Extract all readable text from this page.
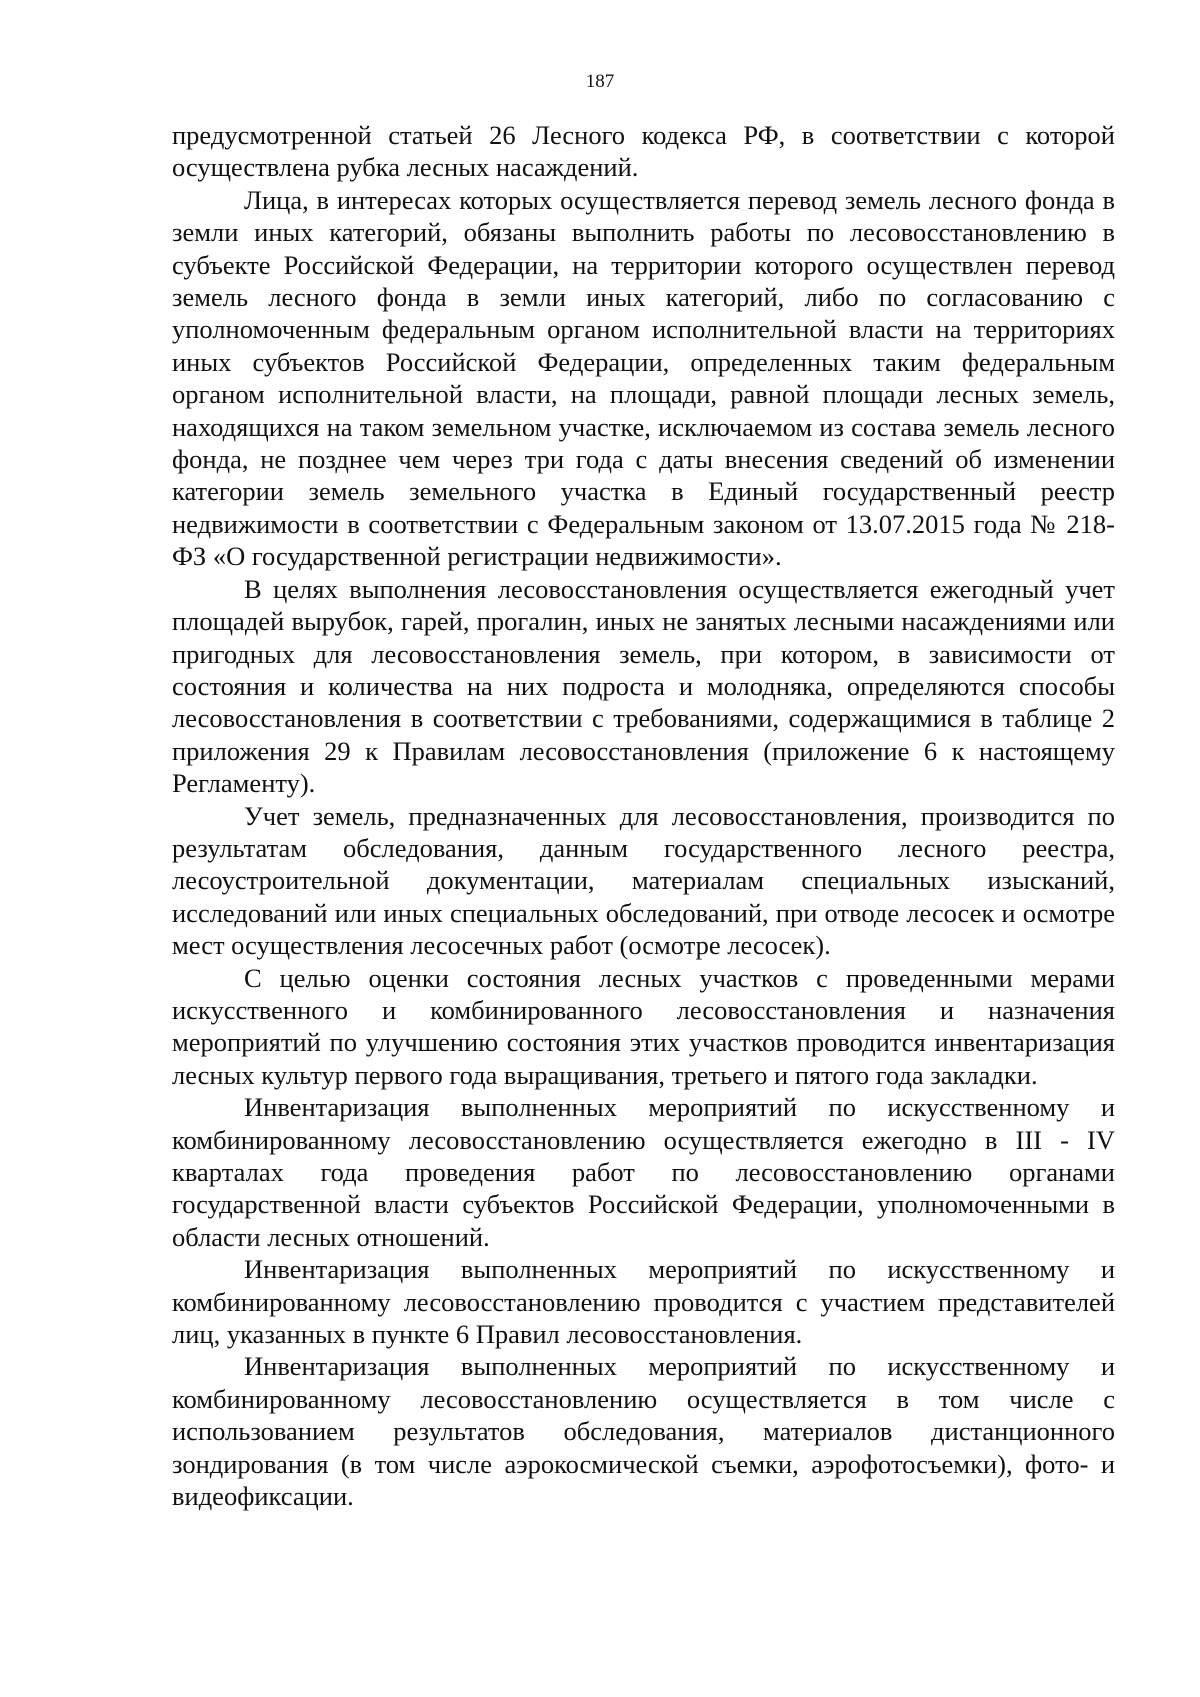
187

предусмотренной статьей 26 Лесного кодекса РФ, в соответствии с которой осуществлена рубка лесных насаждений.

Лица, в интересах которых осуществляется перевод земель лесного фонда в земли иных категорий, обязаны выполнить работы по лесовосстановлению в субъекте Российской Федерации, на территории которого осуществлен перевод земель лесного фонда в земли иных категорий, либо по согласованию с уполномоченным федеральным органом исполнительной власти на территориях иных субъектов Российской Федерации, определенных таким федеральным органом исполнительной власти, на площади, равной площади лесных земель, находящихся на таком земельном участке, исключаемом из состава земель лесного фонда, не позднее чем через три года с даты внесения сведений об изменении категории земель земельного участка в Единый государственный реестр недвижимости в соответствии с Федеральным законом от 13.07.2015 года № 218-ФЗ «О государственной регистрации недвижимости».

В целях выполнения лесовосстановления осуществляется ежегодный учет площадей вырубок, гарей, прогалин, иных не занятых лесными насаждениями или пригодных для лесовосстановления земель, при котором, в зависимости от состояния и количества на них подроста и молодняка, определяются способы лесовосстановления в соответствии с требованиями, содержащимися в таблице 2 приложения 29 к Правилам лесовосстановления (приложение 6 к настоящему Регламенту).

Учет земель, предназначенных для лесовосстановления, производится по результатам обследования, данным государственного лесного реестра, лесоустроительной документации, материалам специальных изысканий, исследований или иных специальных обследований, при отводе лесосек и осмотре мест осуществления лесосечных работ (осмотре лесосек).

С целью оценки состояния лесных участков с проведенными мерами искусственного и комбинированного лесовосстановления и назначения мероприятий по улучшению состояния этих участков проводится инвентаризация лесных культур первого года выращивания, третьего и пятого года закладки.

Инвентаризация выполненных мероприятий по искусственному и комбинированному лесовосстановлению осуществляется ежегодно в III - IV кварталах года проведения работ по лесовосстановлению органами государственной власти субъектов Российской Федерации, уполномоченными в области лесных отношений.

Инвентаризация выполненных мероприятий по искусственному и комбинированному лесовосстановлению проводится с участием представителей лиц, указанных в пункте 6 Правил лесовосстановления.

Инвентаризация выполненных мероприятий по искусственному и комбинированному лесовосстановлению осуществляется в том числе с использованием результатов обследования, материалов дистанционного зондирования (в том числе аэрокосмической съемки, аэрофотосъемки), фото- и видеофиксации.
